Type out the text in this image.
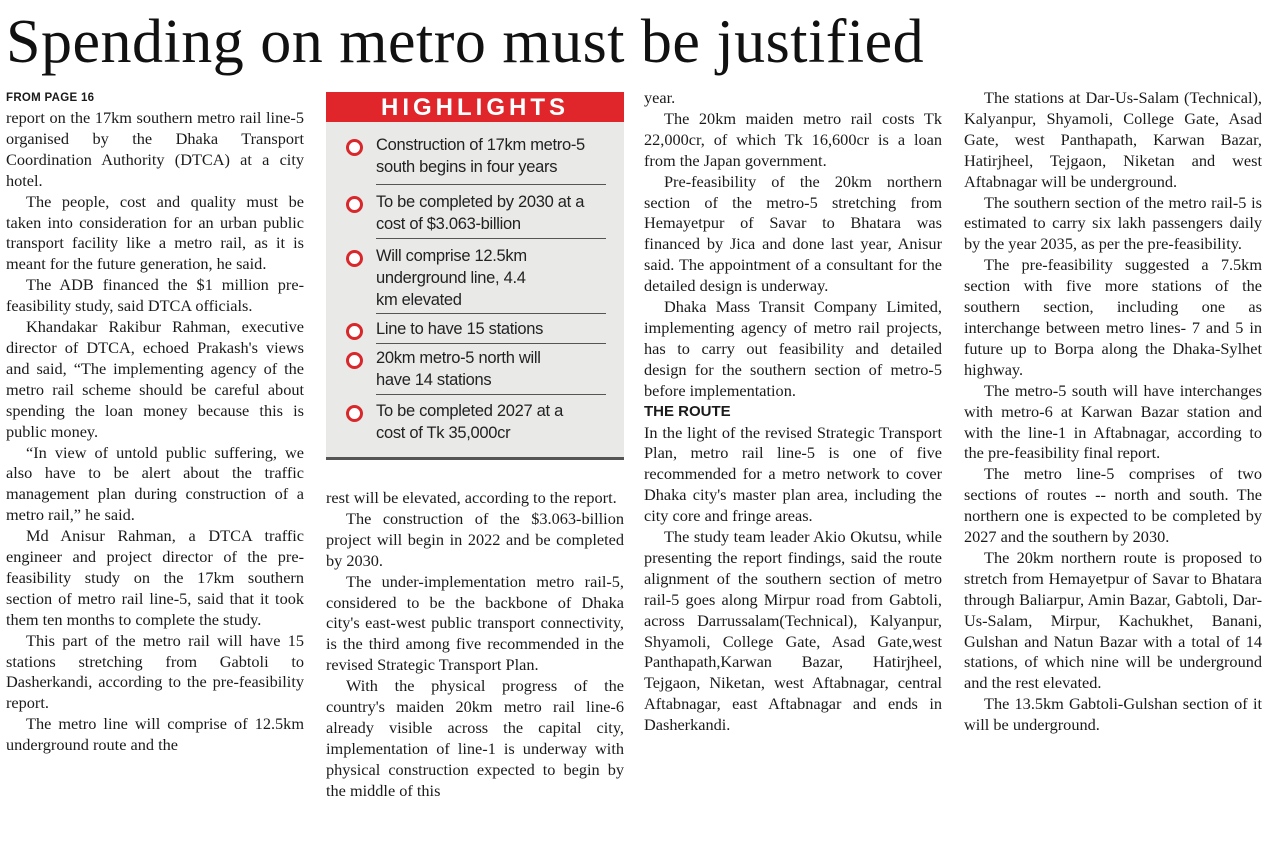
Spending on metro must be justified
FROM PAGE 16

report on the 17km southern metro rail line-5 organised by the Dhaka Transport Coordination Authority (DTCA) at a city hotel.

The people, cost and quality must be taken into consideration for an urban public transport facility like a metro rail, as it is meant for the future generation, he said.

The ADB financed the $1 million pre-feasibility study, said DTCA officials.

Khandakar Rakibur Rahman, executive director of DTCA, echoed Prakash's views and said, “The implementing agency of the metro rail scheme should be careful about spending the loan money because this is public money.

“In view of untold public suffering, we also have to be alert about the traffic management plan during construction of a metro rail,” he said.

Md Anisur Rahman, a DTCA traffic engineer and project director of the pre-feasibility study on the 17km southern section of metro rail line-5, said that it took them ten months to complete the study.

This part of the metro rail will have 15 stations stretching from Gabtoli to Dasherkandi, according to the pre-feasibility report.

The metro line will comprise of 12.5km underground route and the

HIGHLIGHTS
Construction of 17km metro-5 south begins in four years
To be completed by 2030 at a cost of $3.063-billion
Will comprise 12.5km underground line, 4.4 km elevated
Line to have 15 stations
20km metro-5 north will have 14 stations
To be completed 2027 at a cost of Tk 35,000cr

rest will be elevated, according to the report.

The construction of the $3.063-billion project will begin in 2022 and be completed by 2030.

The under-implementation metro rail-5, considered to be the backbone of Dhaka city's east-west public transport connectivity, is the third among five recommended in the revised Strategic Transport Plan.

With the physical progress of the country's maiden 20km metro rail line-6 already visible across the capital city, implementation of line-1 is underway with physical construction expected to begin by the middle of this

year.

The 20km maiden metro rail costs Tk 22,000cr, of which Tk 16,600cr is a loan from the Japan government.

Pre-feasibility of the 20km northern section of the metro-5 stretching from Hemayetpur of Savar to Bhatara was financed by Jica and done last year, Anisur said. The appointment of a consultant for the detailed design is underway.

Dhaka Mass Transit Company Limited, implementing agency of metro rail projects, has to carry out feasibility and detailed design for the southern section of metro-5 before implementation.

THE ROUTE

In the light of the revised Strategic Transport Plan, metro rail line-5 is one of five recommended for a metro network to cover Dhaka city's master plan area, including the city core and fringe areas.

The study team leader Akio Okutsu, while presenting the report findings, said the route alignment of the southern section of metro rail-5 goes along Mirpur road from Gabtoli, across Darrussalam(Technical), Kalyanpur, Shyamoli, College Gate, Asad Gate,west Panthapath,Karwan Bazar, Hatirjheel, Tejgaon, Niketan, west Aftabnagar, central Aftabnagar, east Aftabnagar and ends in Dasherkandi.

The stations at Dar-Us-Salam (Technical), Kalyanpur, Shyamoli, College Gate, Asad Gate, west Panthapath, Karwan Bazar, Hatirjheel, Tejgaon, Niketan and west Aftabnagar will be underground.

The southern section of the metro rail-5 is estimated to carry six lakh passengers daily by the year 2035, as per the pre-feasibility.

The pre-feasibility suggested a 7.5km section with five more stations of the southern section, including one as interchange between metro lines- 7 and 5 in future up to Borpa along the Dhaka-Sylhet highway.

The metro-5 south will have interchanges with metro-6 at Karwan Bazar station and with the line-1 in Aftabnagar, according to the pre-feasibility final report.

The metro line-5 comprises of two sections of routes -- north and south. The northern one is expected to be completed by 2027 and the southern by 2030.

The 20km northern route is proposed to stretch from Hemayetpur of Savar to Bhatara through Baliarpur, Amin Bazar, Gabtoli, Dar-Us-Salam, Mirpur, Kachukhet, Banani, Gulshan and Natun Bazar with a total of 14 stations, of which nine will be underground and the rest elevated.

The 13.5km Gabtoli-Gulshan section of it will be underground.
